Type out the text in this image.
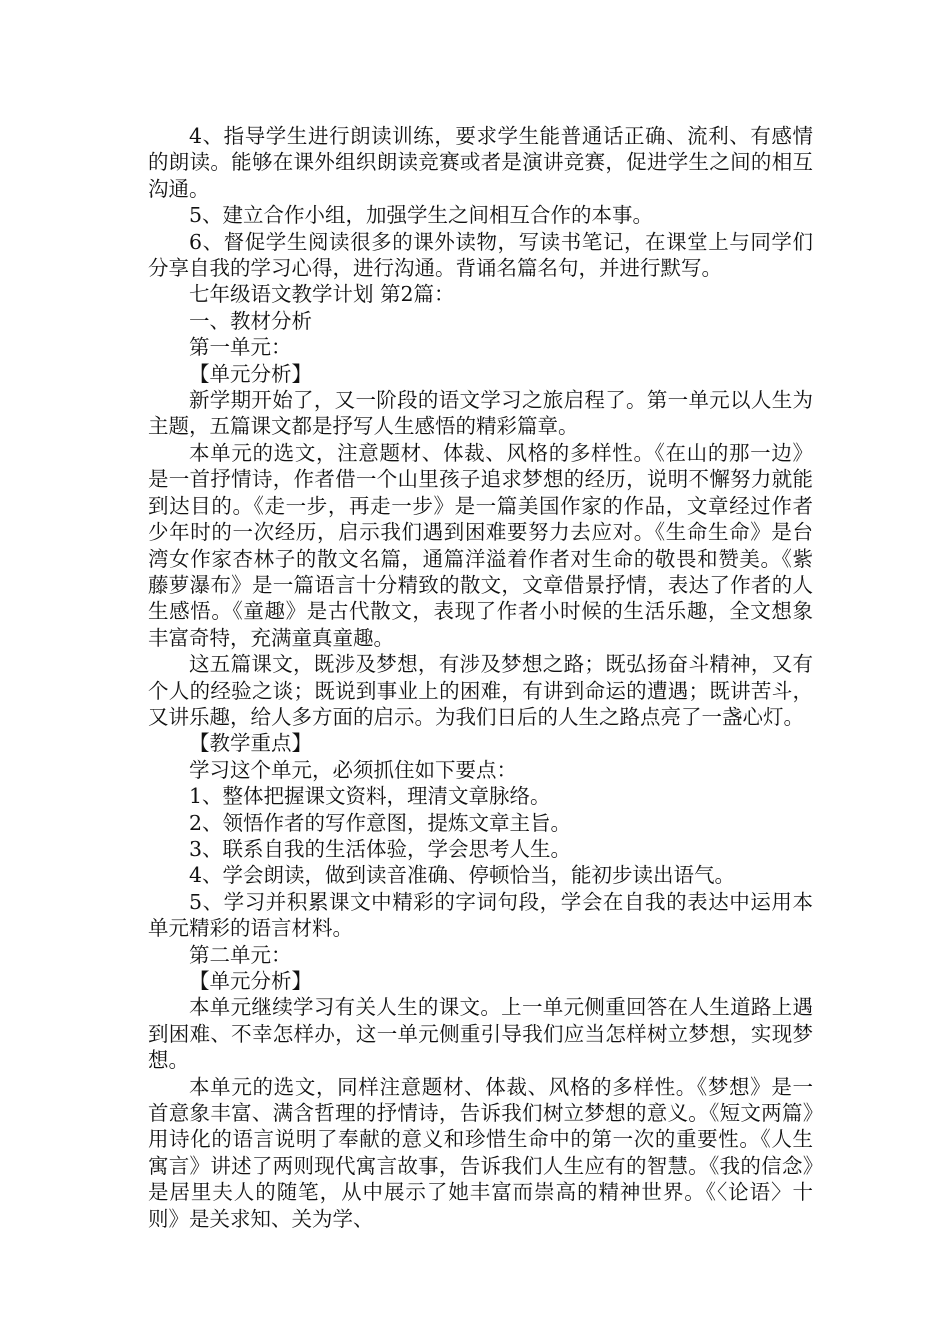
4、指导学生进行朗读训练，要求学生能普通话正确、流利、有感情的朗读。能够在课外组织朗读竞赛或者是演讲竞赛，促进学生之间的相互沟通。

5、建立合作小组，加强学生之间相互合作的本事。

6、督促学生阅读很多的课外读物，写读书笔记，在课堂上与同学们分享自我的学习心得，进行沟通。背诵名篇名句，并进行默写。

七年级语文教学计划 第2篇：

一、教材分析

第一单元：

【单元分析】

新学期开始了，又一阶段的语文学习之旅启程了。第一单元以人生为主题，五篇课文都是抒写人生感悟的精彩篇章。

本单元的选文，注意题材、体裁、风格的多样性。《在山的那一边》是一首抒情诗，作者借一个山里孩子追求梦想的经历，说明不懈努力就能到达目的。《走一步，再走一步》是一篇美国作家的作品，文章经过作者少年时的一次经历，启示我们遇到困难要努力去应对。《生命生命》是台湾女作家杏林子的散文名篇，通篇洋溢着作者对生命的敬畏和赞美。《紫藤萝瀑布》是一篇语言十分精致的散文，文章借景抒情，表达了作者的人生感悟。《童趣》是古代散文，表现了作者小时候的生活乐趣，全文想象丰富奇特，充满童真童趣。

这五篇课文，既涉及梦想，有涉及梦想之路；既弘扬奋斗精神，又有个人的经验之谈；既说到事业上的困难，有讲到命运的遭遇；既讲苦斗，又讲乐趣，给人多方面的启示。为我们日后的人生之路点亮了一盏心灯。

【教学重点】

学习这个单元，必须抓住如下要点：

1、整体把握课文资料，理清文章脉络。

2、领悟作者的写作意图，提炼文章主旨。

3、联系自我的生活体验，学会思考人生。

4、学会朗读，做到读音准确、停顿恰当，能初步读出语气。

5、学习并积累课文中精彩的字词句段，学会在自我的表达中运用本单元精彩的语言材料。

第二单元：

【单元分析】

本单元继续学习有关人生的课文。上一单元侧重回答在人生道路上遇到困难、不幸怎样办，这一单元侧重引导我们应当怎样树立梦想，实现梦想。

本单元的选文，同样注意题材、体裁、风格的多样性。《梦想》是一首意象丰富、满含哲理的抒情诗，告诉我们树立梦想的意义。《短文两篇》用诗化的语言说明了奉献的意义和珍惜生命中的第一次的重要性。《人生寓言》讲述了两则现代寓言故事，告诉我们人生应有的智慧。《我的信念》是居里夫人的随笔，从中展示了她丰富而崇高的精神世界。《〈论语〉十则》是关求知、关为学、
